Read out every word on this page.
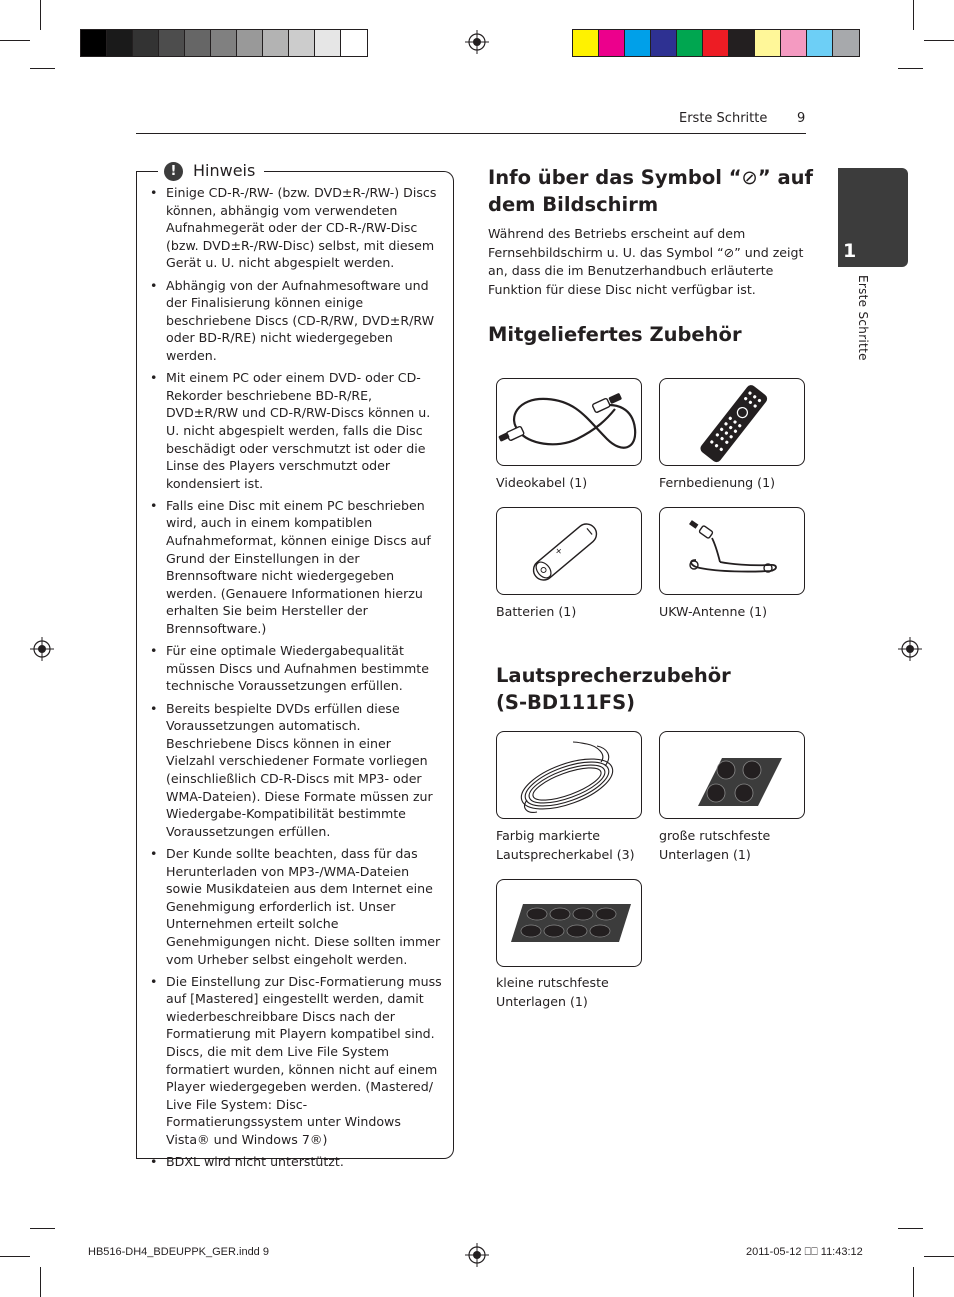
Erste Schritte 9
1
Erste Schritte
!	Hinweis
• Einige CD-R-/RW- (bzw. DVD±R-/RW-) Discs können, abhängig vom verwendeten Aufnahmegerät oder der CD-R-/RW-Disc (bzw. DVD±R-/RW-Disc) selbst, mit diesem Gerät u. U. nicht abgespielt werden.
• Abhängig von der Aufnahmesoftware und der Finalisierung können einige beschriebene Discs (CD-R/RW, DVD±R/RW oder BD-R/RE) nicht wiedergegeben werden.
• Mit einem PC oder einem DVD- oder CD-Rekorder beschriebene BD-R/RE, DVD±R/RW und CD-R/RW-Discs können u. U. nicht abgespielt werden, falls die Disc beschädigt oder verschmutzt ist oder die Linse des Players verschmutzt oder kondensiert ist.
• Falls eine Disc mit einem PC beschrieben wird, auch in einem kompatiblen Aufnahmeformat, können einige Discs auf Grund der Einstellungen in der Brennsoftware nicht wiedergegeben werden. (Genauere Informationen hierzu erhalten Sie beim Hersteller der Brennsoftware.)
• Für eine optimale Wiedergabequalität müssen Discs und Aufnahmen bestimmte technische Voraussetzungen erfüllen.
• Bereits bespielte DVDs erfüllen diese Voraussetzungen automatisch. Beschriebene Discs können in einer Vielzahl verschiedener Formate vorliegen (einschließlich CD-R-Discs mit MP3- oder WMA-Dateien). Diese Formate müssen zur Wiedergabe-Kompatibilität bestimmte Voraussetzungen erfüllen.
• Der Kunde sollte beachten, dass für das Herunterladen von MP3-/WMA-Dateien sowie Musikdateien aus dem Internet eine Genehmigung erforderlich ist. Unser Unternehmen erteilt solche Genehmigungen nicht. Diese sollten immer vom Urheber selbst eingeholt werden.
• Die Einstellung zur Disc-Formatierung muss auf [Mastered] eingestellt werden, damit wiederbeschreibbare Discs nach der Formatierung mit Playern kompatibel sind. Discs, die mit dem Live File System formatiert wurden, können nicht auf einem Player wiedergegeben werden. (Mastered/ Live File System: Disc-Formatierungssystem unter Windows Vista® und Windows 7®)
• BDXL wird nicht unterstützt.
Info über das Symbol “⊘” auf dem Bildschirm
Während des Betriebs erscheint auf dem Fernsehbildschirm u. U. das Symbol “⊘” und zeigt an, dass die im Benutzerhandbuch erläuterte Funktion für diese Disc nicht verfügbar ist.
Mitgeliefertes Zubehör
Videokabel (1)	Fernbedienung (1)
+
Batterien (1)	UKW-Antenne (1)
Lautsprecherzubehör
(S-BD111FS)
Farbig markierte
Lautsprecherkabel (3)
große rutschfeste
Unterlagen (1)
kleine rutschfeste
Unterlagen (1)
HB516-DH4_BDEUPPK_GER.indd 9	2011-05-12 ⎕⎕ 11:43:12
